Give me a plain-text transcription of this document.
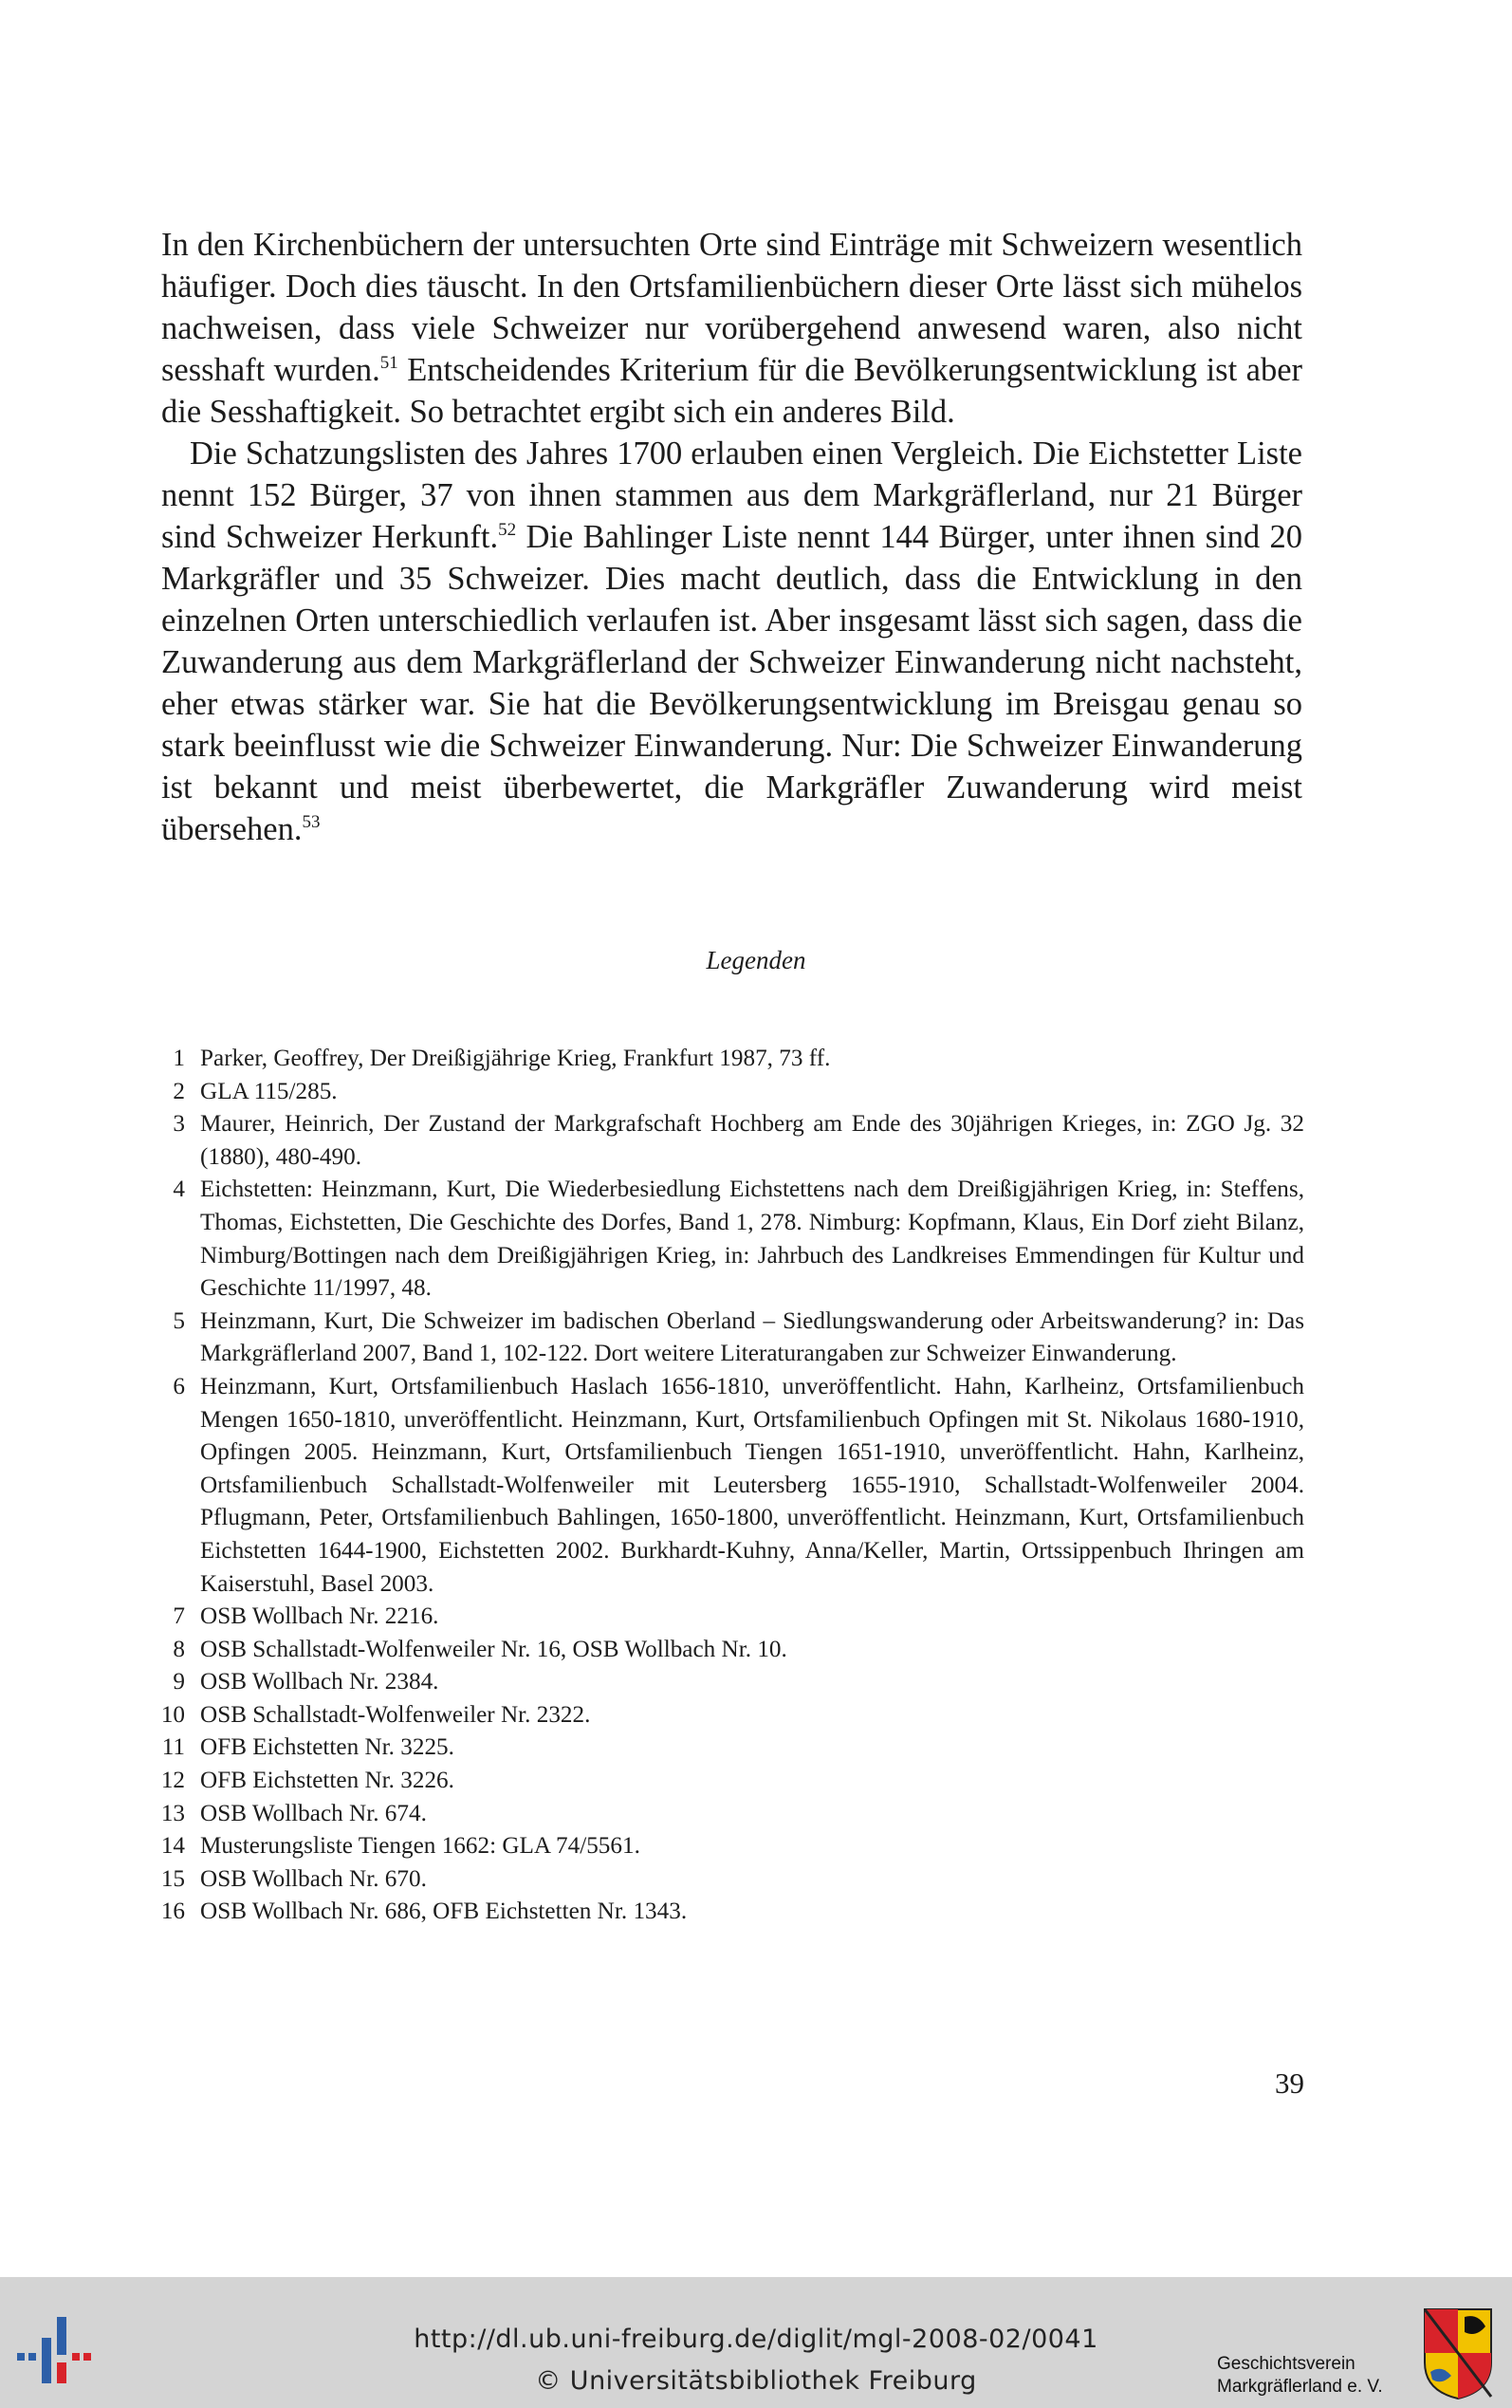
In den Kirchenbüchern der untersuchten Orte sind Einträge mit Schweizern wesentlich häufiger. Doch dies täuscht. In den Ortsfamilienbüchern dieser Orte lässt sich mühelos nachweisen, dass viele Schweizer nur vorübergehend anwesend waren, also nicht sesshaft wurden.$^{51}$ Entscheidendes Kriterium für die Bevölkerungsentwicklung ist aber die Sesshaftigkeit. So betrachtet ergibt sich ein anderes Bild.

Die Schatzungslisten des Jahres 1700 erlauben einen Vergleich. Die Eichstetter Liste nennt 152 Bürger, 37 von ihnen stammen aus dem Markgräflerland, nur 21 Bürger sind Schweizer Herkunft.$^{52}$ Die Bahlinger Liste nennt 144 Bürger, unter ihnen sind 20 Markgräfler und 35 Schweizer. Dies macht deutlich, dass die Entwicklung in den einzelnen Orten unterschiedlich verlaufen ist. Aber insgesamt lässt sich sagen, dass die Zuwanderung aus dem Markgräflerland der Schweizer Einwanderung nicht nachsteht, eher etwas stärker war. Sie hat die Bevölkerungsentwicklung im Breisgau genau so stark beeinflusst wie die Schweizer Einwanderung. Nur: Die Schweizer Einwanderung ist bekannt und meist überbewertet, die Markgräfler Zuwanderung wird meist übersehen.$^{53}$

Legenden
1 Parker, Geoffrey, Der Dreißigjährige Krieg, Frankfurt 1987, 73 ff.
2 GLA 115/285.
3 Maurer, Heinrich, Der Zustand der Markgrafschaft Hochberg am Ende des 30jährigen Krieges, in: ZGO Jg. 32 (1880), 480-490.
4 Eichstetten: Heinzmann, Kurt, Die Wiederbesiedlung Eichstettens nach dem Dreißigjährigen Krieg, in: Steffens, Thomas, Eichstetten, Die Geschichte des Dorfes, Band 1, 278. Nimburg: Kopfmann, Klaus, Ein Dorf zieht Bilanz, Nimburg/Bottingen nach dem Dreißigjährigen Krieg, in: Jahrbuch des Landkreises Emmendingen für Kultur und Geschichte 11/1997, 48.
5 Heinzmann, Kurt, Die Schweizer im badischen Oberland – Siedlungswanderung oder Arbeitswanderung? in: Das Markgräflerland 2007, Band 1, 102-122. Dort weitere Literaturangaben zur Schweizer Einwanderung.
6 Heinzmann, Kurt, Ortsfamilienbuch Haslach 1656-1810, unveröffentlicht. Hahn, Karlheinz, Ortsfamilienbuch Mengen 1650-1810, unveröffentlicht. Heinzmann, Kurt, Ortsfamilienbuch Opfingen mit St. Nikolaus 1680-1910, Opfingen 2005. Heinzmann, Kurt, Ortsfamilienbuch Tiengen 1651-1910, unveröffentlicht. Hahn, Karlheinz, Ortsfamilienbuch Schallstadt-Wolfenweiler mit Leutersberg 1655-1910, Schallstadt-Wolfenweiler 2004. Pflugmann, Peter, Ortsfamilienbuch Bahlingen, 1650-1800, unveröffentlicht. Heinzmann, Kurt, Ortsfamilienbuch Eichstetten 1644-1900, Eichstetten 2002. Burkhardt-Kuhny, Anna/Keller, Martin, Ortssippenbuch Ihringen am Kaiserstuhl, Basel 2003.
7 OSB Wollbach Nr. 2216.
8 OSB Schallstadt-Wolfenweiler Nr. 16, OSB Wollbach Nr. 10.
9 OSB Wollbach Nr. 2384.
10 OSB Schallstadt-Wolfenweiler Nr. 2322.
11 OFB Eichstetten Nr. 3225.
12 OFB Eichstetten Nr. 3226.
13 OSB Wollbach Nr. 674.
14 Musterungsliste Tiengen 1662: GLA 74/5561.
15 OSB Wollbach Nr. 670.
16 OSB Wollbach Nr. 686, OFB Eichstetten Nr. 1343.
39
http://dl.ub.uni-freiburg.de/diglit/mgl-2008-02/0041
© Universitätsbibliothek Freiburg
Geschichtsverein
Markgräflerland e. V.
